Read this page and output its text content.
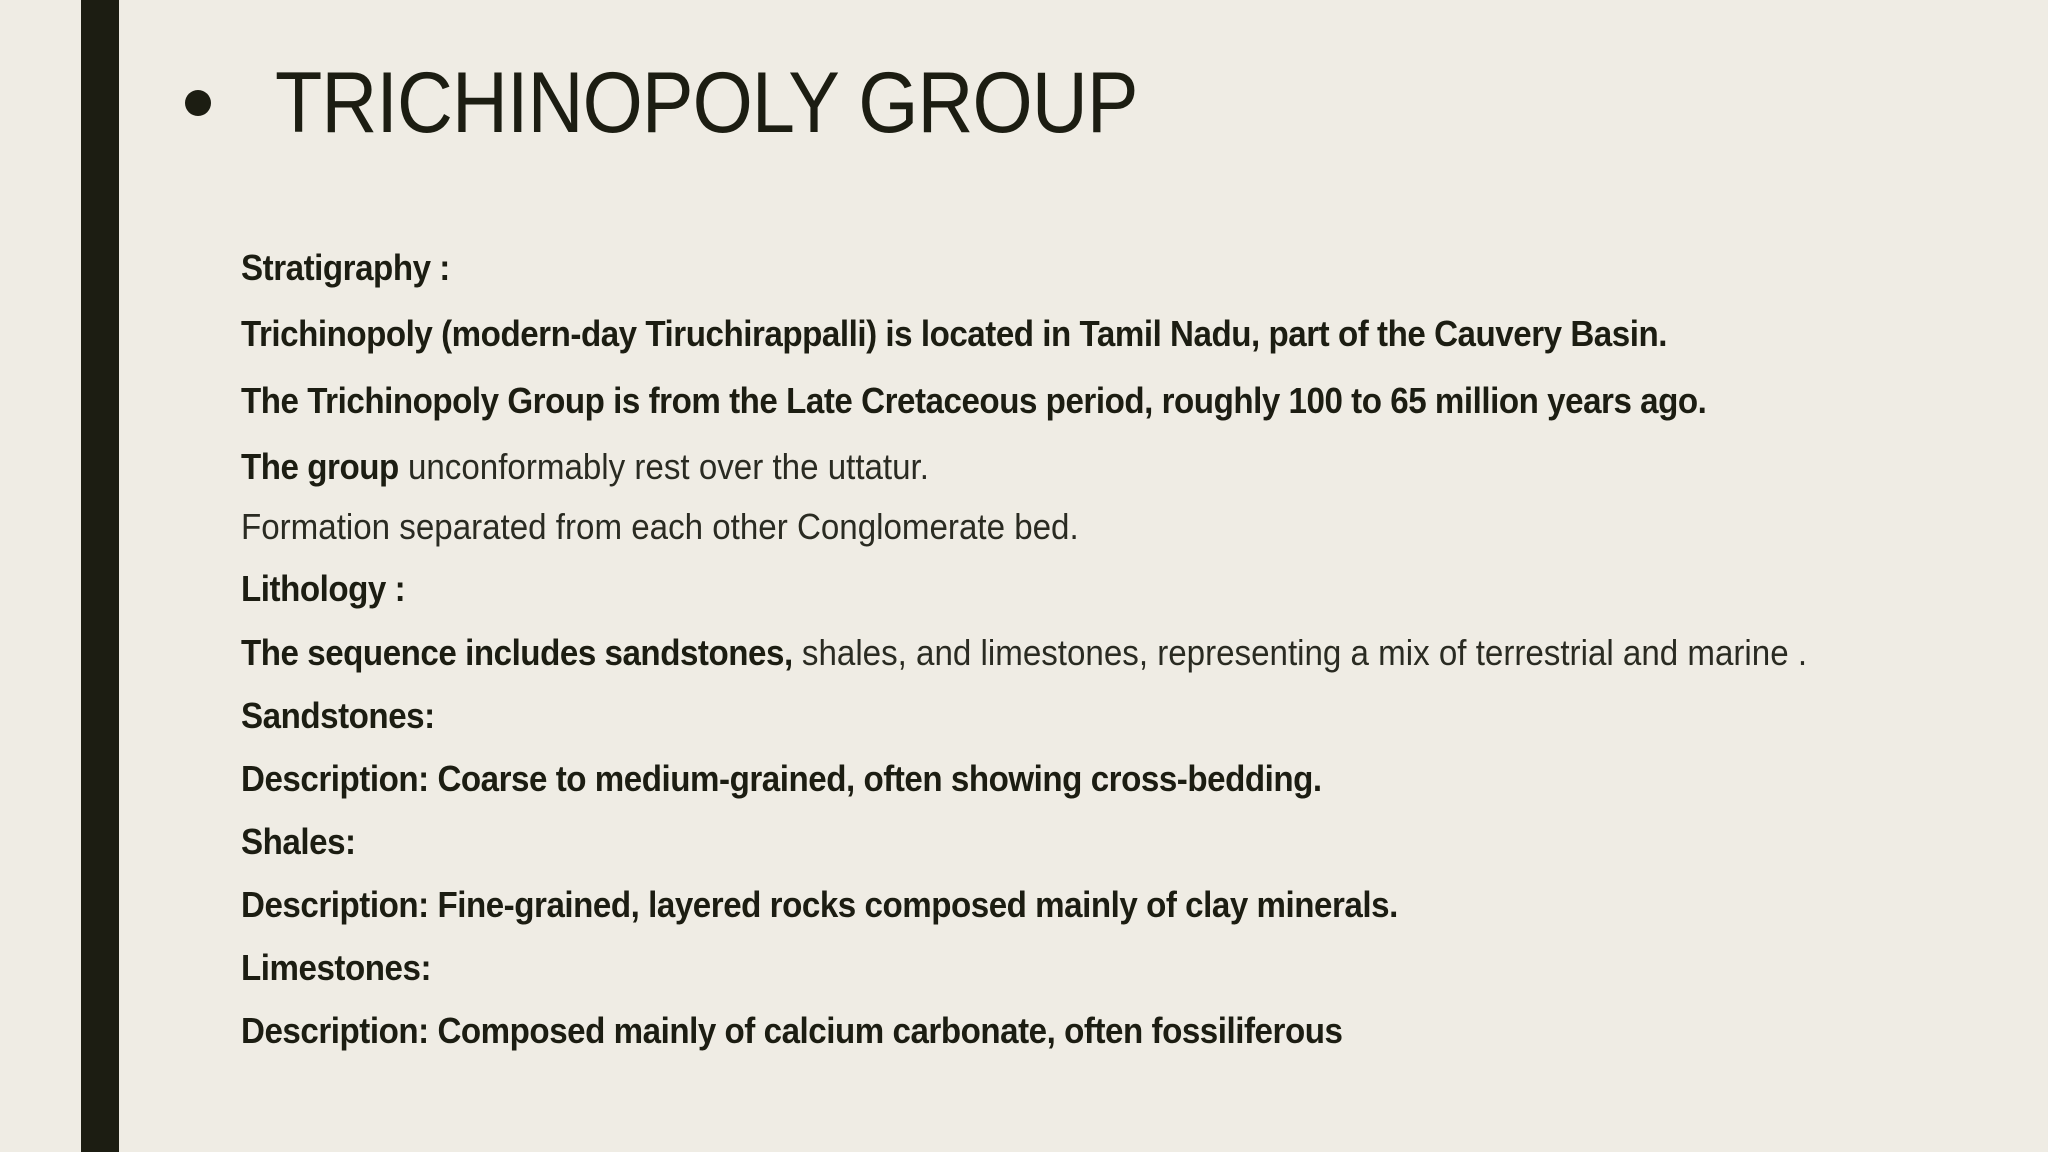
TRICHINOPOLY GROUP
Stratigraphy :
Trichinopoly (modern-day Tiruchirappalli) is located in Tamil Nadu, part of the Cauvery Basin.
The Trichinopoly Group is from the Late Cretaceous period, roughly 100 to 65 million years ago.
The group unconformably rest over the uttatur.
Formation separated from each other Conglomerate bed.
Lithology :
The sequence includes sandstones, shales, and limestones, representing a mix of terrestrial and marine .
Sandstones:
Description: Coarse to medium-grained, often showing cross-bedding.
Shales:
Description: Fine-grained, layered rocks composed mainly of clay minerals.
Limestones:
Description: Composed mainly of calcium carbonate, often fossiliferous
